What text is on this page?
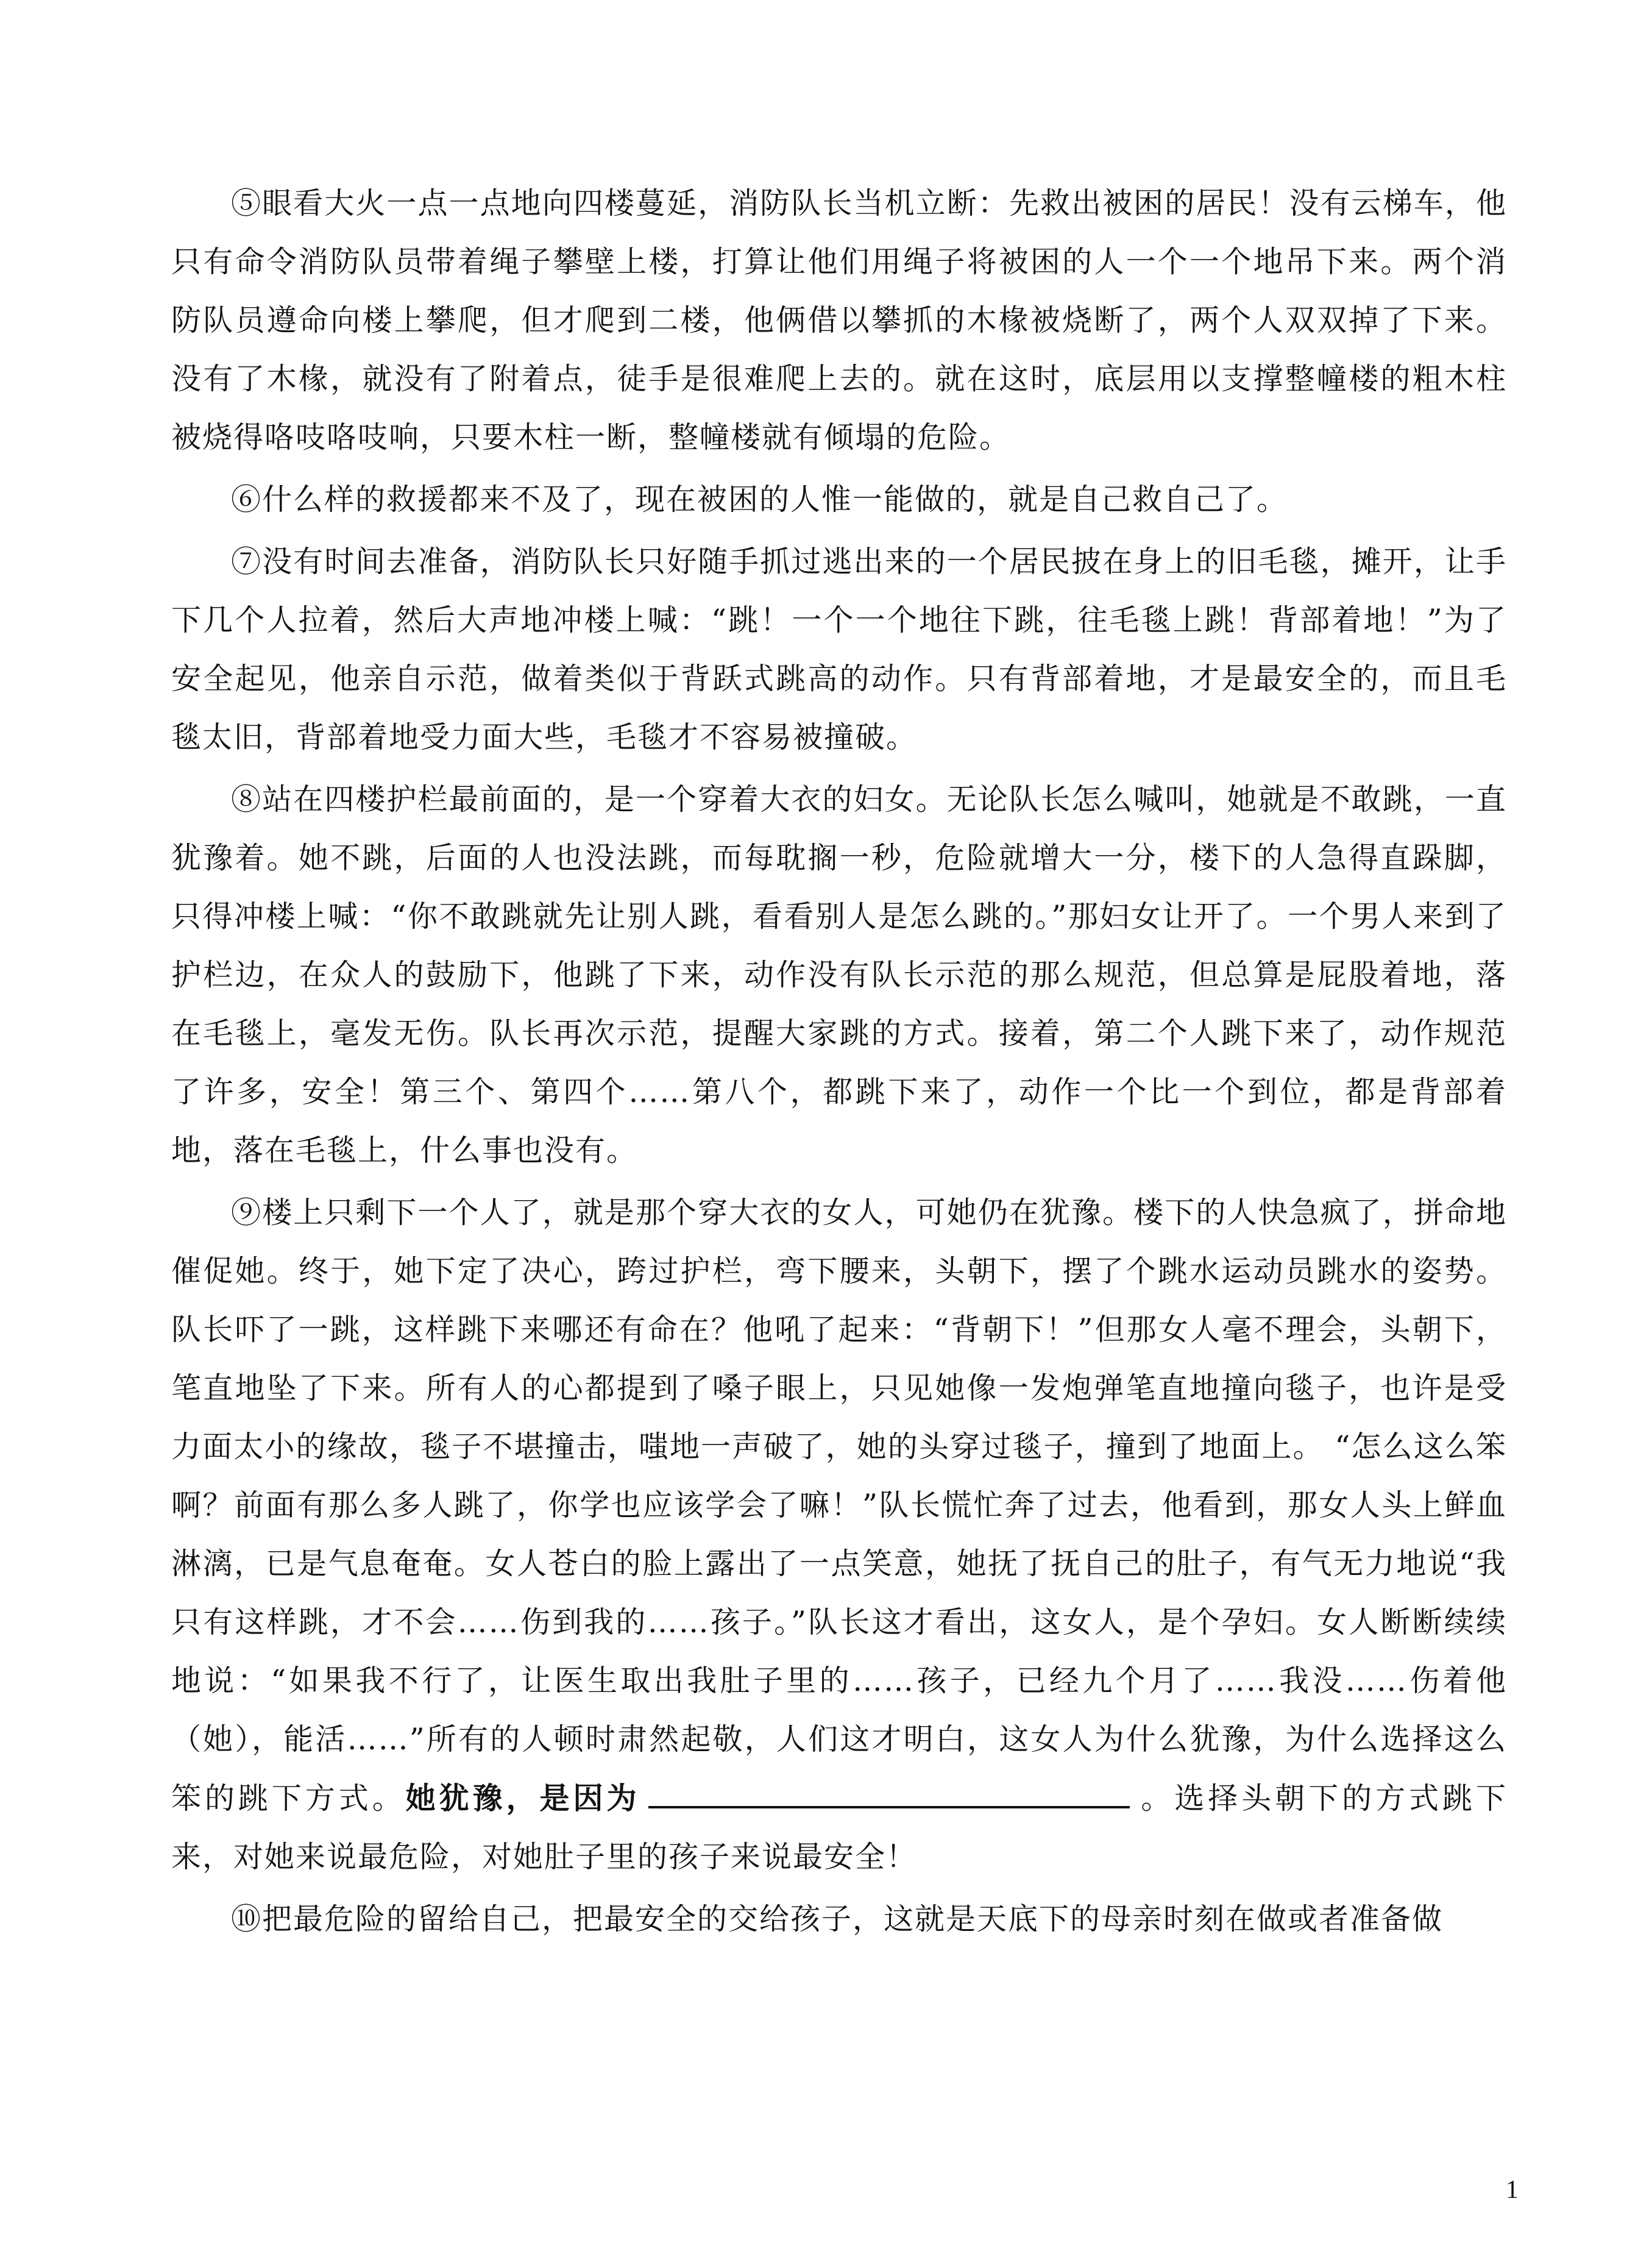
⑤眼看大火一点一点地向四楼蔓延，消防队长当机立断：先救出被困的居民！没有云梯车，他只有命令消防队员带着绳子攀壁上楼，打算让他们用绳子将被困的人一个一个地吊下来。两个消防队员遵命向楼上攀爬，但才爬到二楼，他俩借以攀抓的木椽被烧断了，两个人双双掉了下来。没有了木椽，就没有了附着点，徒手是很难爬上去的。就在这时，底层用以支撑整幢楼的粗木柱被烧得咯吱咯吱响，只要木柱一断，整幢楼就有倾塌的危险。

⑥什么样的救援都来不及了，现在被困的人惟一能做的，就是自己救自己了。

⑦没有时间去准备，消防队长只好随手抓过逃出来的一个居民披在身上的旧毛毯，摊开，让手下几个人拉着，然后大声地冲楼上喊：“跳！一个一个地往下跳，往毛毯上跳！背部着地！”为了安全起见，他亲自示范，做着类似于背跃式跳高的动作。只有背部着地，才是最安全的，而且毛毯太旧，背部着地受力面大些，毛毯才不容易被撞破。

⑧站在四楼护栏最前面的，是一个穿着大衣的妇女。无论队长怎么喊叫，她就是不敢跳，一直犹豫着。她不跳，后面的人也没法跳，而每耽搁一秒，危险就增大一分，楼下的人急得直跺脚，只得冲楼上喊：“你不敢跳就先让别人跳，看看别人是怎么跳的。”那妇女让开了。一个男人来到了护栏边，在众人的鼓励下，他跳了下来，动作没有队长示范的那么规范，但总算是屁股着地，落在毛毯上，毫发无伤。队长再次示范，提醒大家跳的方式。接着，第二个人跳下来了，动作规范了许多，安全！第三个、第四个……第八个，都跳下来了，动作一个比一个到位，都是背部着地，落在毛毯上，什么事也没有。

⑨楼上只剩下一个人了，就是那个穿大衣的女人，可她仍在犹豫。楼下的人快急疯了，拼命地催促她。终于，她下定了决心，跨过护栏，弯下腰来，头朝下，摆了个跳水运动员跳水的姿势。队长吓了一跳，这样跳下来哪还有命在？他吼了起来：“背朝下！”但那女人毫不理会，头朝下，笔直地坠了下来。所有人的心都提到了嗓子眼上，只见她像一发炮弹笔直地撞向毯子，也许是受力面太小的缘故，毯子不堪撞击，嗤地一声破了，她的头穿过毯子，撞到了地面上。 “怎么这么笨啊？前面有那么多人跳了，你学也应该学会了嘛！”队长慌忙奔了过去，他看到，那女人头上鲜血淋漓，已是气息奄奄。女人苍白的脸上露出了一点笑意，她抚了抚自己的肚子，有气无力地说“我只有这样跳，才不会……伤到我的……孩子。”队长这才看出，这女人，是个孕妇。女人断断续续地说：“如果我不行了，让医生取出我肚子里的……孩子，已经九个月了……我没……伤着他（她），能活……”所有的人顿时肃然起敬，人们这才明白，这女人为什么犹豫，为什么选择这么笨的跳下方式。她犹豫，是因为	。选择头朝下的方式跳下来，对她来说最危险，对她肚子里的孩子来说最安全！

⑩把最危险的留给自己，把最安全的交给孩子，这就是天底下的母亲时刻在做或者准备做

1
